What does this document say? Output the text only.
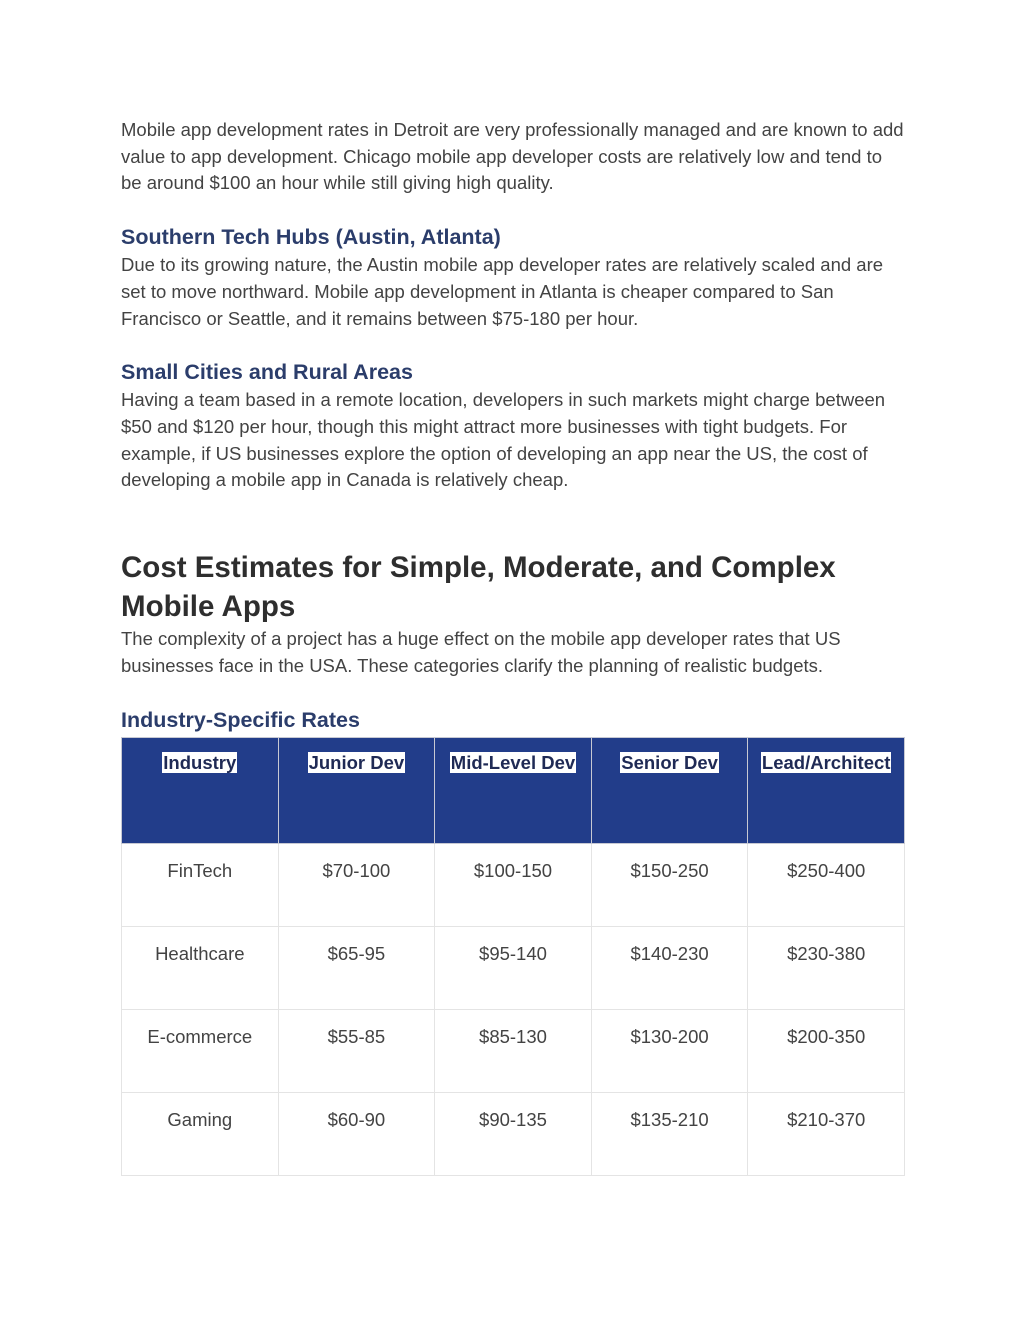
Mobile app development rates in Detroit are very professionally managed and are known to add value to app development. Chicago mobile app developer costs are relatively low and tend to be around $100 an hour while still giving high quality.

Southern Tech Hubs (Austin, Atlanta)

Due to its growing nature, the Austin mobile app developer rates are relatively scaled and are set to move northward. Mobile app development in Atlanta is cheaper compared to San Francisco or Seattle, and it remains between $75-180 per hour.

Small Cities and Rural Areas

Having a team based in a remote location, developers in such markets might charge between $50 and $120 per hour, though this might attract more businesses with tight budgets. For example, if US businesses explore the option of developing an app near the US, the cost of developing a mobile app in Canada is relatively cheap.

Cost Estimates for Simple, Moderate, and Complex Mobile Apps

The complexity of a project has a huge effect on the mobile app developer rates that US businesses face in the USA. These categories clarify the planning of realistic budgets.

Industry-Specific Rates
Industry	Junior Dev	Mid-Level Dev	Senior Dev	Lead/Architect
FinTech	$70-100	$100-150	$150-250	$250-400
Healthcare	$65-95	$95-140	$140-230	$230-380
E-commerce	$55-85	$85-130	$130-200	$200-350
Gaming	$60-90	$90-135	$135-210	$210-370
